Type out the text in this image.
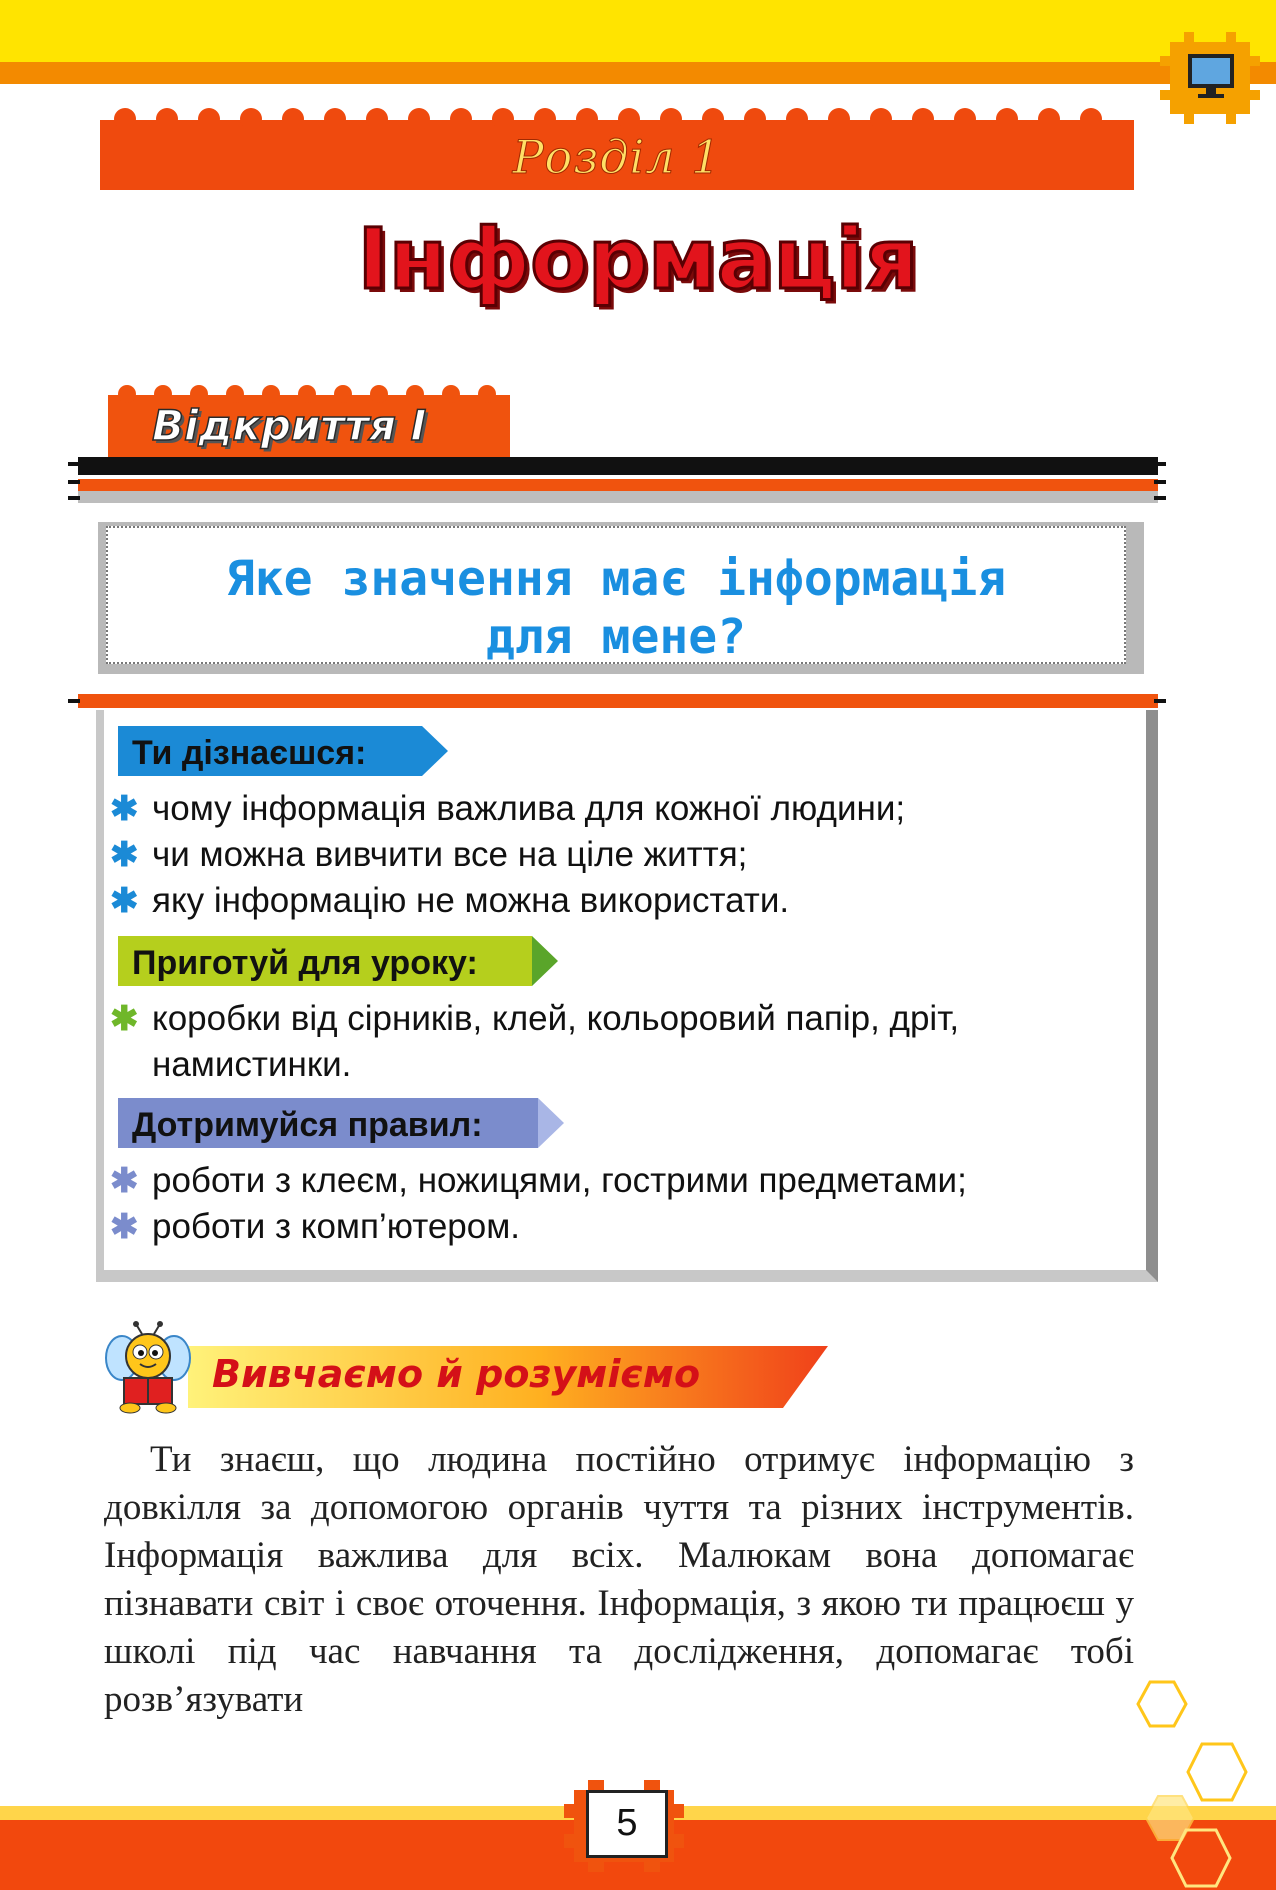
Розділ 1
Інформація
Відкриття І
Яке значення має інформація
для мене?
Ти дізнаєшся:
✱ чому інформація важлива для кожної людини;
✱ чи можна вивчити все на ціле життя;
✱ яку інформацію не можна використати.
Приготуй для уроку:
✱ коробки від сірників, клей, кольоровий папір, дріт, намистинки.
Дотримуйся правил:
✱ роботи з клеєм, ножицями, гострими предметами;
✱ роботи з комп’ютером.
Вивчаємо й розуміємо

Ти знаєш, що людина постійно отримує інформацію з довкілля за допомогою органів чуття та різних інструментів. Інформація важлива для всіх. Малюкам вона допомагає пізнавати світ і своє оточення. Інформація, з якою ти працюєш у школі під час навчання та дослідження, допомагає тобі розв’язувати

5
